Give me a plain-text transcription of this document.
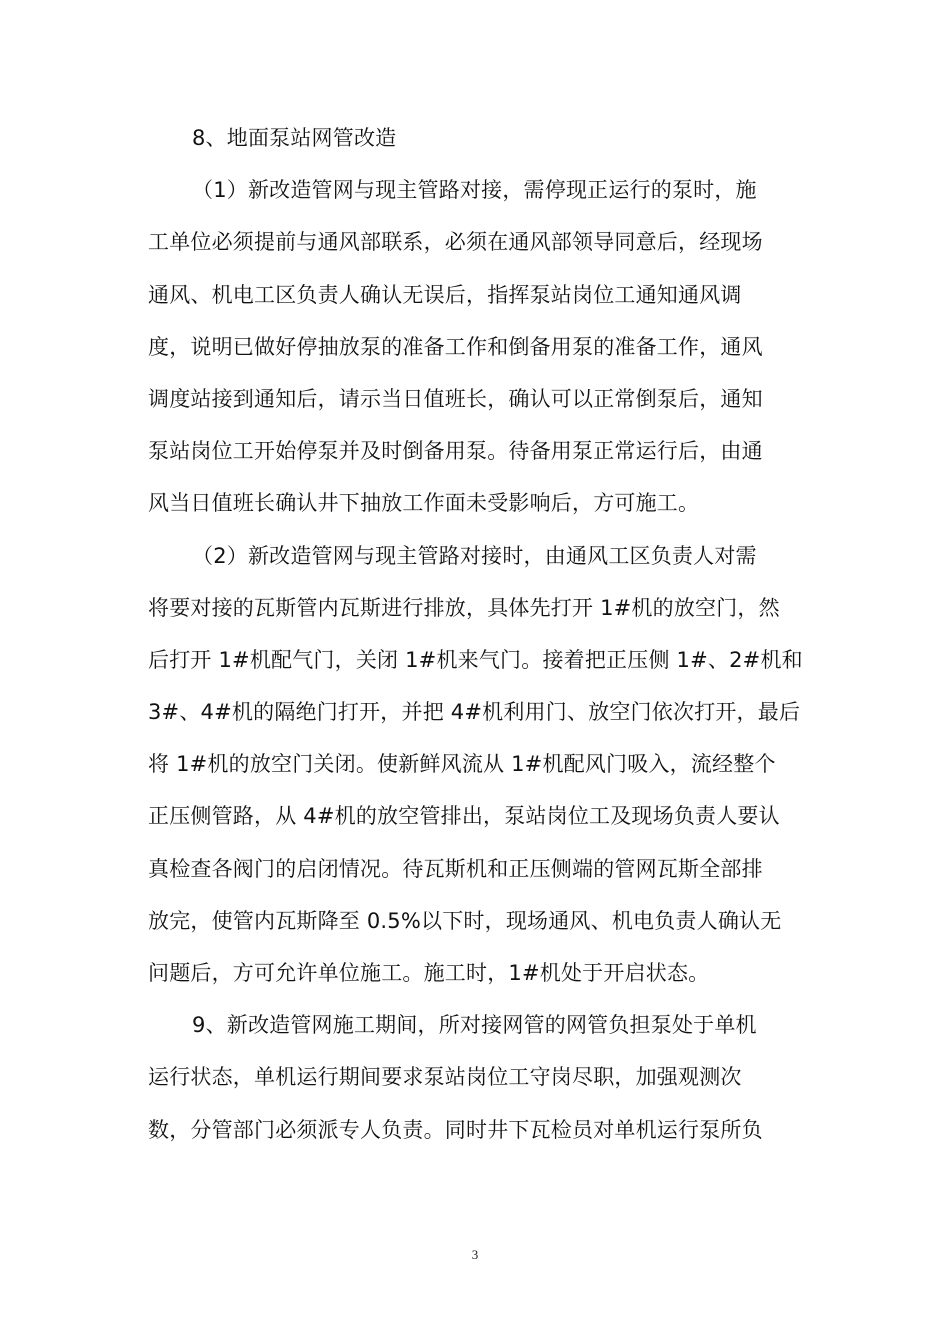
8、地面泵站网管改造
（1）新改造管网与现主管路对接，需停现正运行的泵时，施
工单位必须提前与通风部联系，必须在通风部领导同意后，经现场
通风、机电工区负责人确认无误后，指挥泵站岗位工通知通风调
度，说明已做好停抽放泵的准备工作和倒备用泵的准备工作，通风
调度站接到通知后，请示当日值班长，确认可以正常倒泵后，通知
泵站岗位工开始停泵并及时倒备用泵。待备用泵正常运行后，由通
风当日值班长确认井下抽放工作面未受影响后，方可施工。
（2）新改造管网与现主管路对接时，由通风工区负责人对需
将要对接的瓦斯管内瓦斯进行排放，具体先打开 1#机的放空门，然
后打开 1#机配气门，关闭 1#机来气门。接着把正压侧 1#、2#机和
3#、4#机的隔绝门打开，并把 4#机利用门、放空门依次打开，最后
将 1#机的放空门关闭。使新鲜风流从 1#机配风门吸入，流经整个
正压侧管路，从 4#机的放空管排出，泵站岗位工及现场负责人要认
真检查各阀门的启闭情况。待瓦斯机和正压侧端的管网瓦斯全部排
放完，使管内瓦斯降至 0.5%以下时，现场通风、机电负责人确认无
问题后，方可允许单位施工。施工时，1#机处于开启状态。
9、新改造管网施工期间，所对接网管的网管负担泵处于单机
运行状态，单机运行期间要求泵站岗位工守岗尽职，加强观测次
数，分管部门必须派专人负责。同时井下瓦检员对单机运行泵所负
3
